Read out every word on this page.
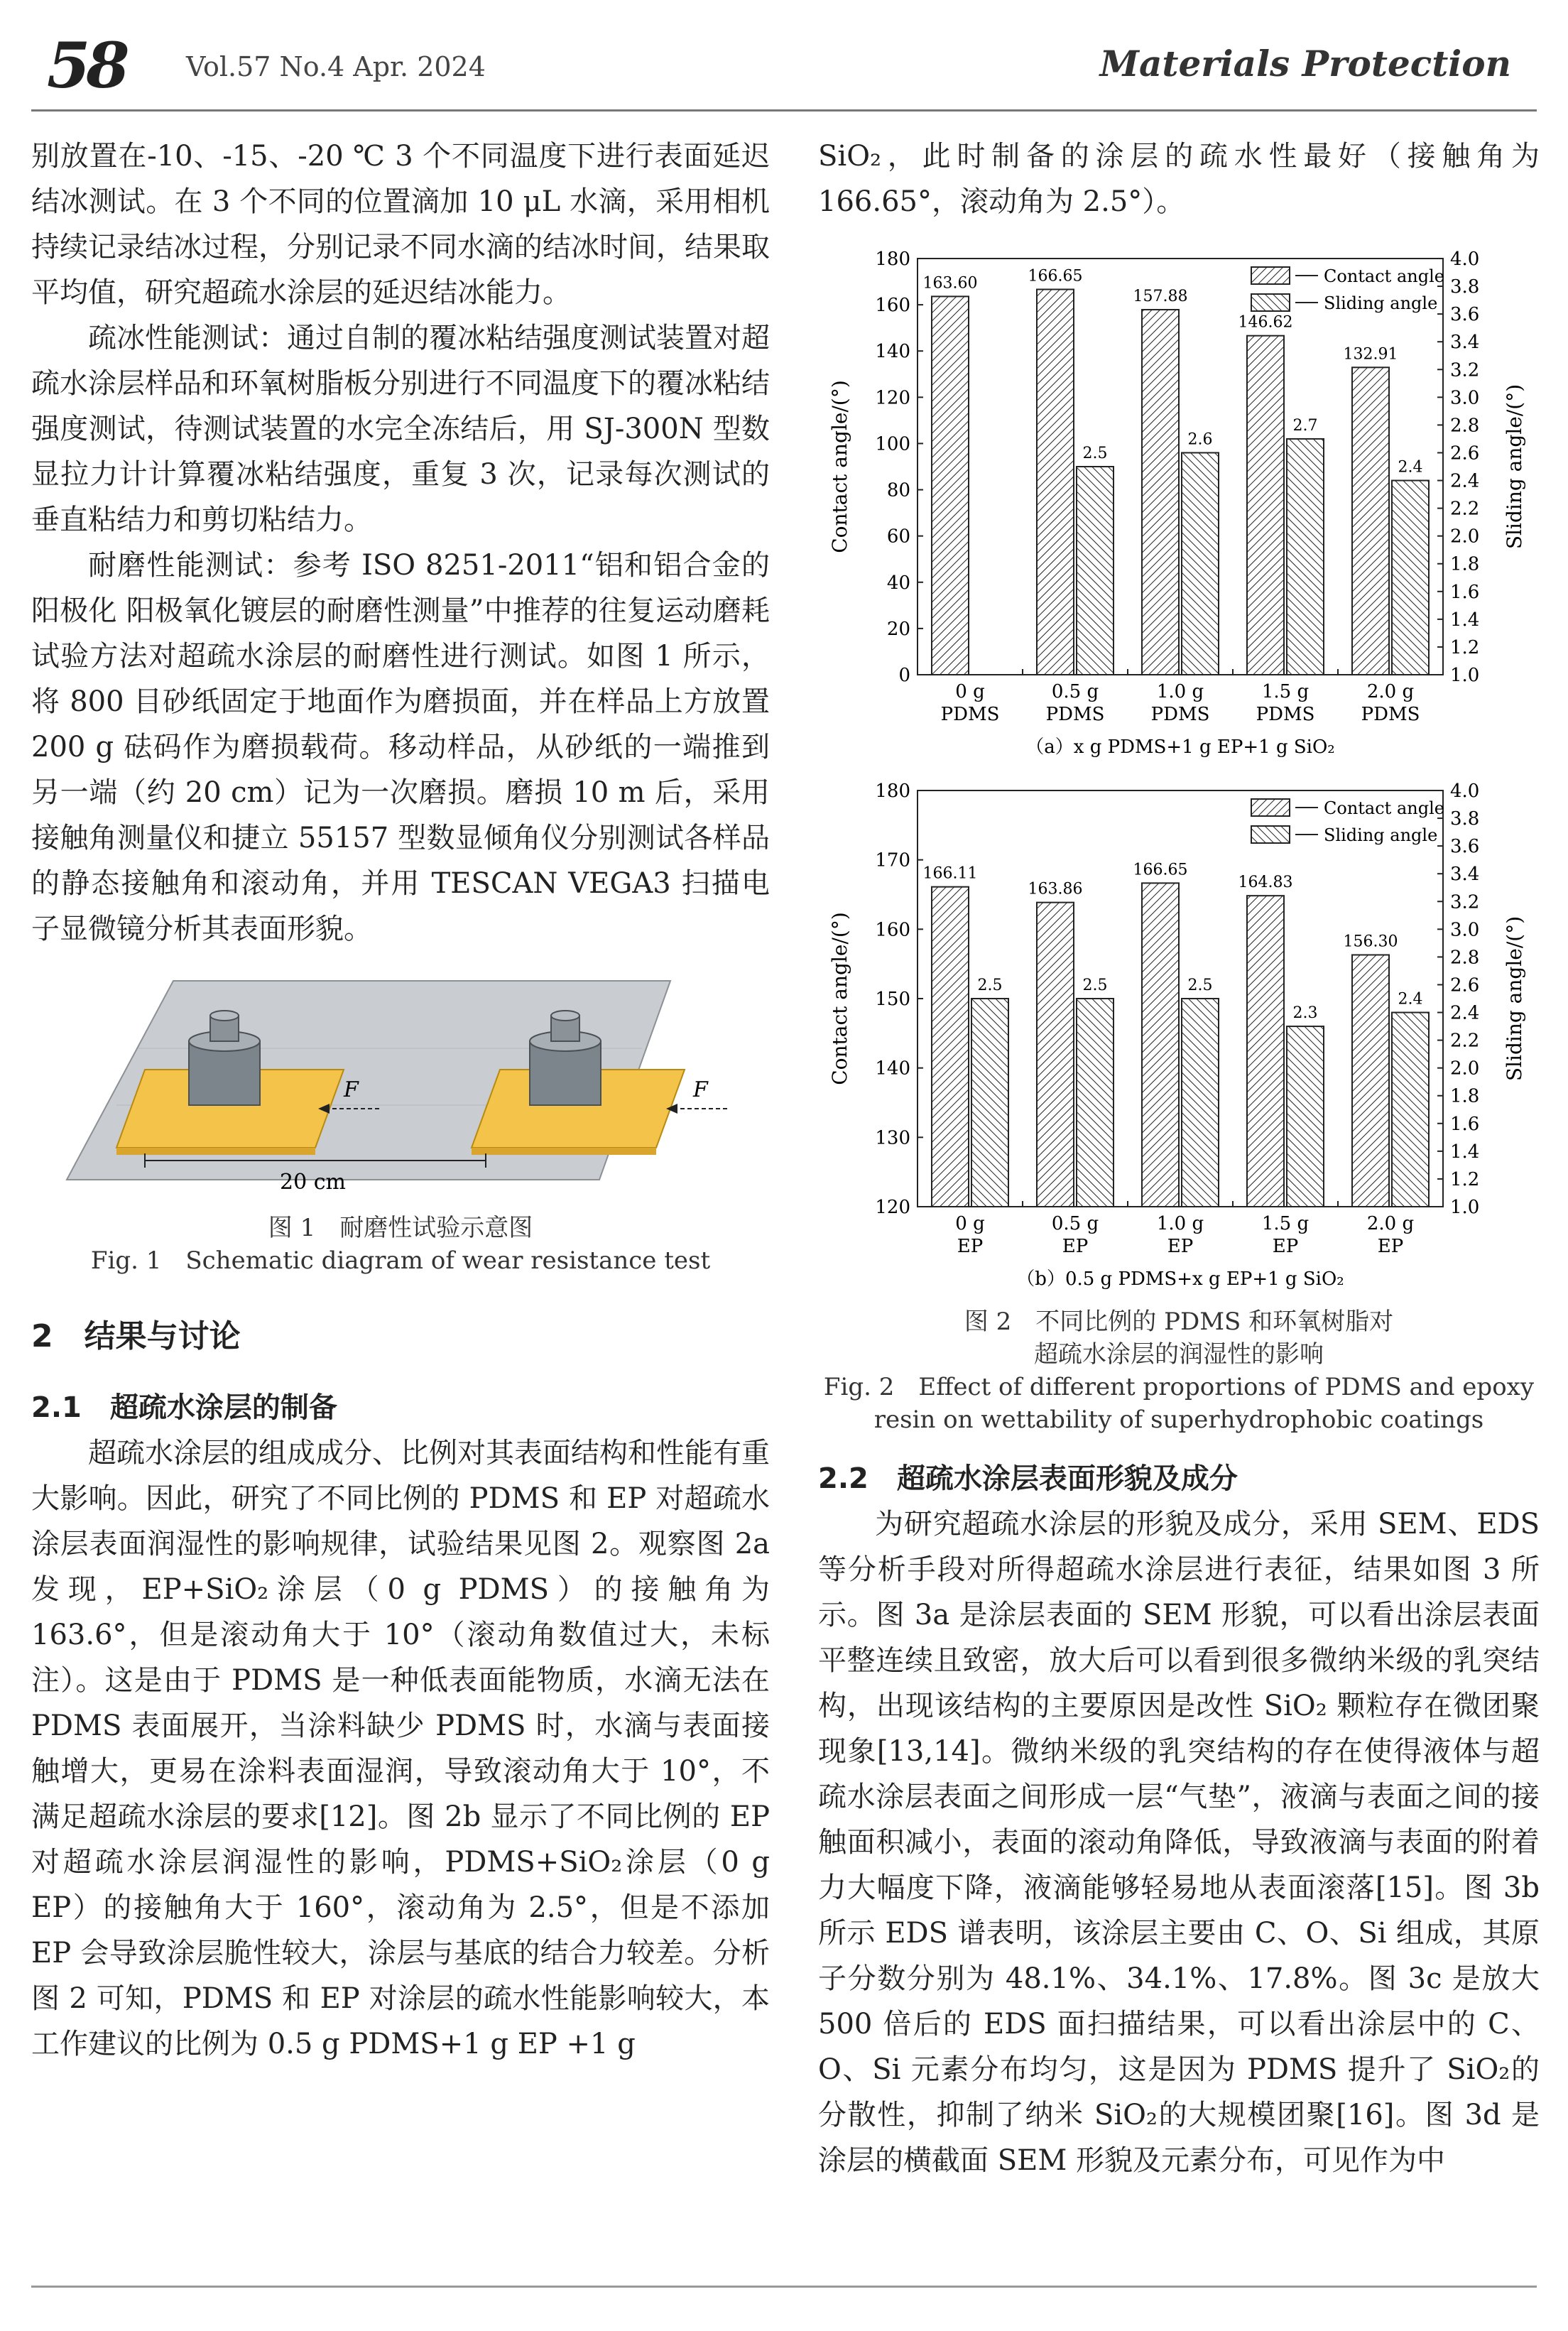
58 Vol.57 No.4 Apr. 2024	Materials Protection

别放置在-10、-15、-20 ℃ 3 个不同温度下进行表面延迟结冰测试。在 3 个不同的位置滴加 10 μL 水滴，采用相机持续记录结冰过程，分别记录不同水滴的结冰时间，结果取平均值，研究超疏水涂层的延迟结冰能力。

疏冰性能测试：通过自制的覆冰粘结强度测试装置对超疏水涂层样品和环氧树脂板分别进行不同温度下的覆冰粘结强度测试，待测试装置的水完全冻结后，用 SJ-300N 型数显拉力计计算覆冰粘结强度，重复 3 次，记录每次测试的垂直粘结力和剪切粘结力。

耐磨性能测试：参考 ISO 8251-2011“铝和铝合金的阳极化 阳极氧化镀层的耐磨性测量”中推荐的往复运动磨耗试验方法对超疏水涂层的耐磨性进行测试。如图 1 所示，将 800 目砂纸固定于地面作为磨损面，并在样品上方放置 200 g 砝码作为磨损载荷。移动样品，从砂纸的一端推到另一端（约 20 cm）记为一次磨损。磨损 10 m 后，采用接触角测量仪和捷立 55157 型数显倾角仪分别测试各样品的静态接触角和滚动角，并用 TESCAN VEGA3 扫描电子显微镜分析其表面形貌。

F	F
20 cm
图 1　耐磨性试验示意图
Fig. 1　Schematic diagram of wear resistance test
2　结果与讨论
2.1　超疏水涂层的制备

超疏水涂层的组成成分、比例对其表面结构和性能有重大影响。因此，研究了不同比例的 PDMS 和 EP 对超疏水涂层表面润湿性的影响规律，试验结果见图 2。观察图 2a 发现，EP+SiO₂涂层（0 g PDMS）的接触角为 163.6°，但是滚动角大于 10°（滚动角数值过大，未标注）。这是由于 PDMS 是一种低表面能物质，水滴无法在 PDMS 表面展开，当涂料缺少 PDMS 时，水滴与表面接触增大，更易在涂料表面湿润，导致滚动角大于 10°，不满足超疏水涂层的要求[12]。图 2b 显示了不同比例的 EP 对超疏水涂层润湿性的影响，PDMS+SiO₂涂层（0 g EP）的接触角大于 160°，滚动角为 2.5°，但是不添加 EP 会导致涂层脆性较大，涂层与基底的结合力较差。分析图 2 可知，PDMS 和 EP 对涂层的疏水性能影响较大，本工作建议的比例为 0.5 g PDMS+1 g EP +1 g

SiO₂，此时制备的涂层的疏水性最好（接触角为 166.65°，滚动角为 2.5°）。

0
20
40
60
80
100
120
140
160
180
1.0
1.2
1.4
1.6
1.8
2.0
2.2
2.4
2.6
2.8
3.0
3.2
3.4
3.6
3.8
4.0
Contact angle/(°)	Sliding angle/(°)
0 g
PDMS
163.60
0.5 g
PDMS
166.65
2.5
1.0 g
PDMS
157.88
2.6
1.5 g
PDMS
146.62
2.7
2.0 g
PDMS
132.91
2.4
Contact angle
Sliding angle
（a）x g PDMS+1 g EP+1 g SiO₂

120
130
140
150
160
170
180
1.0
1.2
1.4
1.6
1.8
2.0
2.2
2.4
2.6
2.8
3.0
3.2
3.4
3.6
3.8
4.0
Contact angle/(°)	Sliding angle/(°)
0 g
EP
166.11
2.5
0.5 g
EP
163.86
2.5
1.0 g
EP
166.65
2.5
1.5 g
EP
164.83
2.3
2.0 g
EP
156.30
2.4
Contact angle
Sliding angle
（b）0.5 g PDMS+x g EP+1 g SiO₂
图 2　不同比例的 PDMS 和环氧树脂对
超疏水涂层的润湿性的影响
Fig. 2　Effect of different proportions of PDMS and epoxy
resin on wettability of superhydrophobic coatings
2.2　超疏水涂层表面形貌及成分

为研究超疏水涂层的形貌及成分，采用 SEM、EDS 等分析手段对所得超疏水涂层进行表征，结果如图 3 所示。图 3a 是涂层表面的 SEM 形貌，可以看出涂层表面平整连续且致密，放大后可以看到很多微纳米级的乳突结构，出现该结构的主要原因是改性 SiO₂ 颗粒存在微团聚现象[13,14]。微纳米级的乳突结构的存在使得液体与超疏水涂层表面之间形成一层“气垫”，液滴与表面之间的接触面积减小，表面的滚动角降低，导致液滴与表面的附着力大幅度下降，液滴能够轻易地从表面滚落[15]。图 3b 所示 EDS 谱表明，该涂层主要由 C、O、Si 组成，其原子分数分别为 48.1%、34.1%、17.8%。图 3c 是放大 500 倍后的 EDS 面扫描结果，可以看出涂层中的 C、O、Si 元素分布均匀，这是因为 PDMS 提升了 SiO₂的分散性，抑制了纳米 SiO₂的大规模团聚[16]。图 3d 是涂层的横截面 SEM 形貌及元素分布，可见作为中
